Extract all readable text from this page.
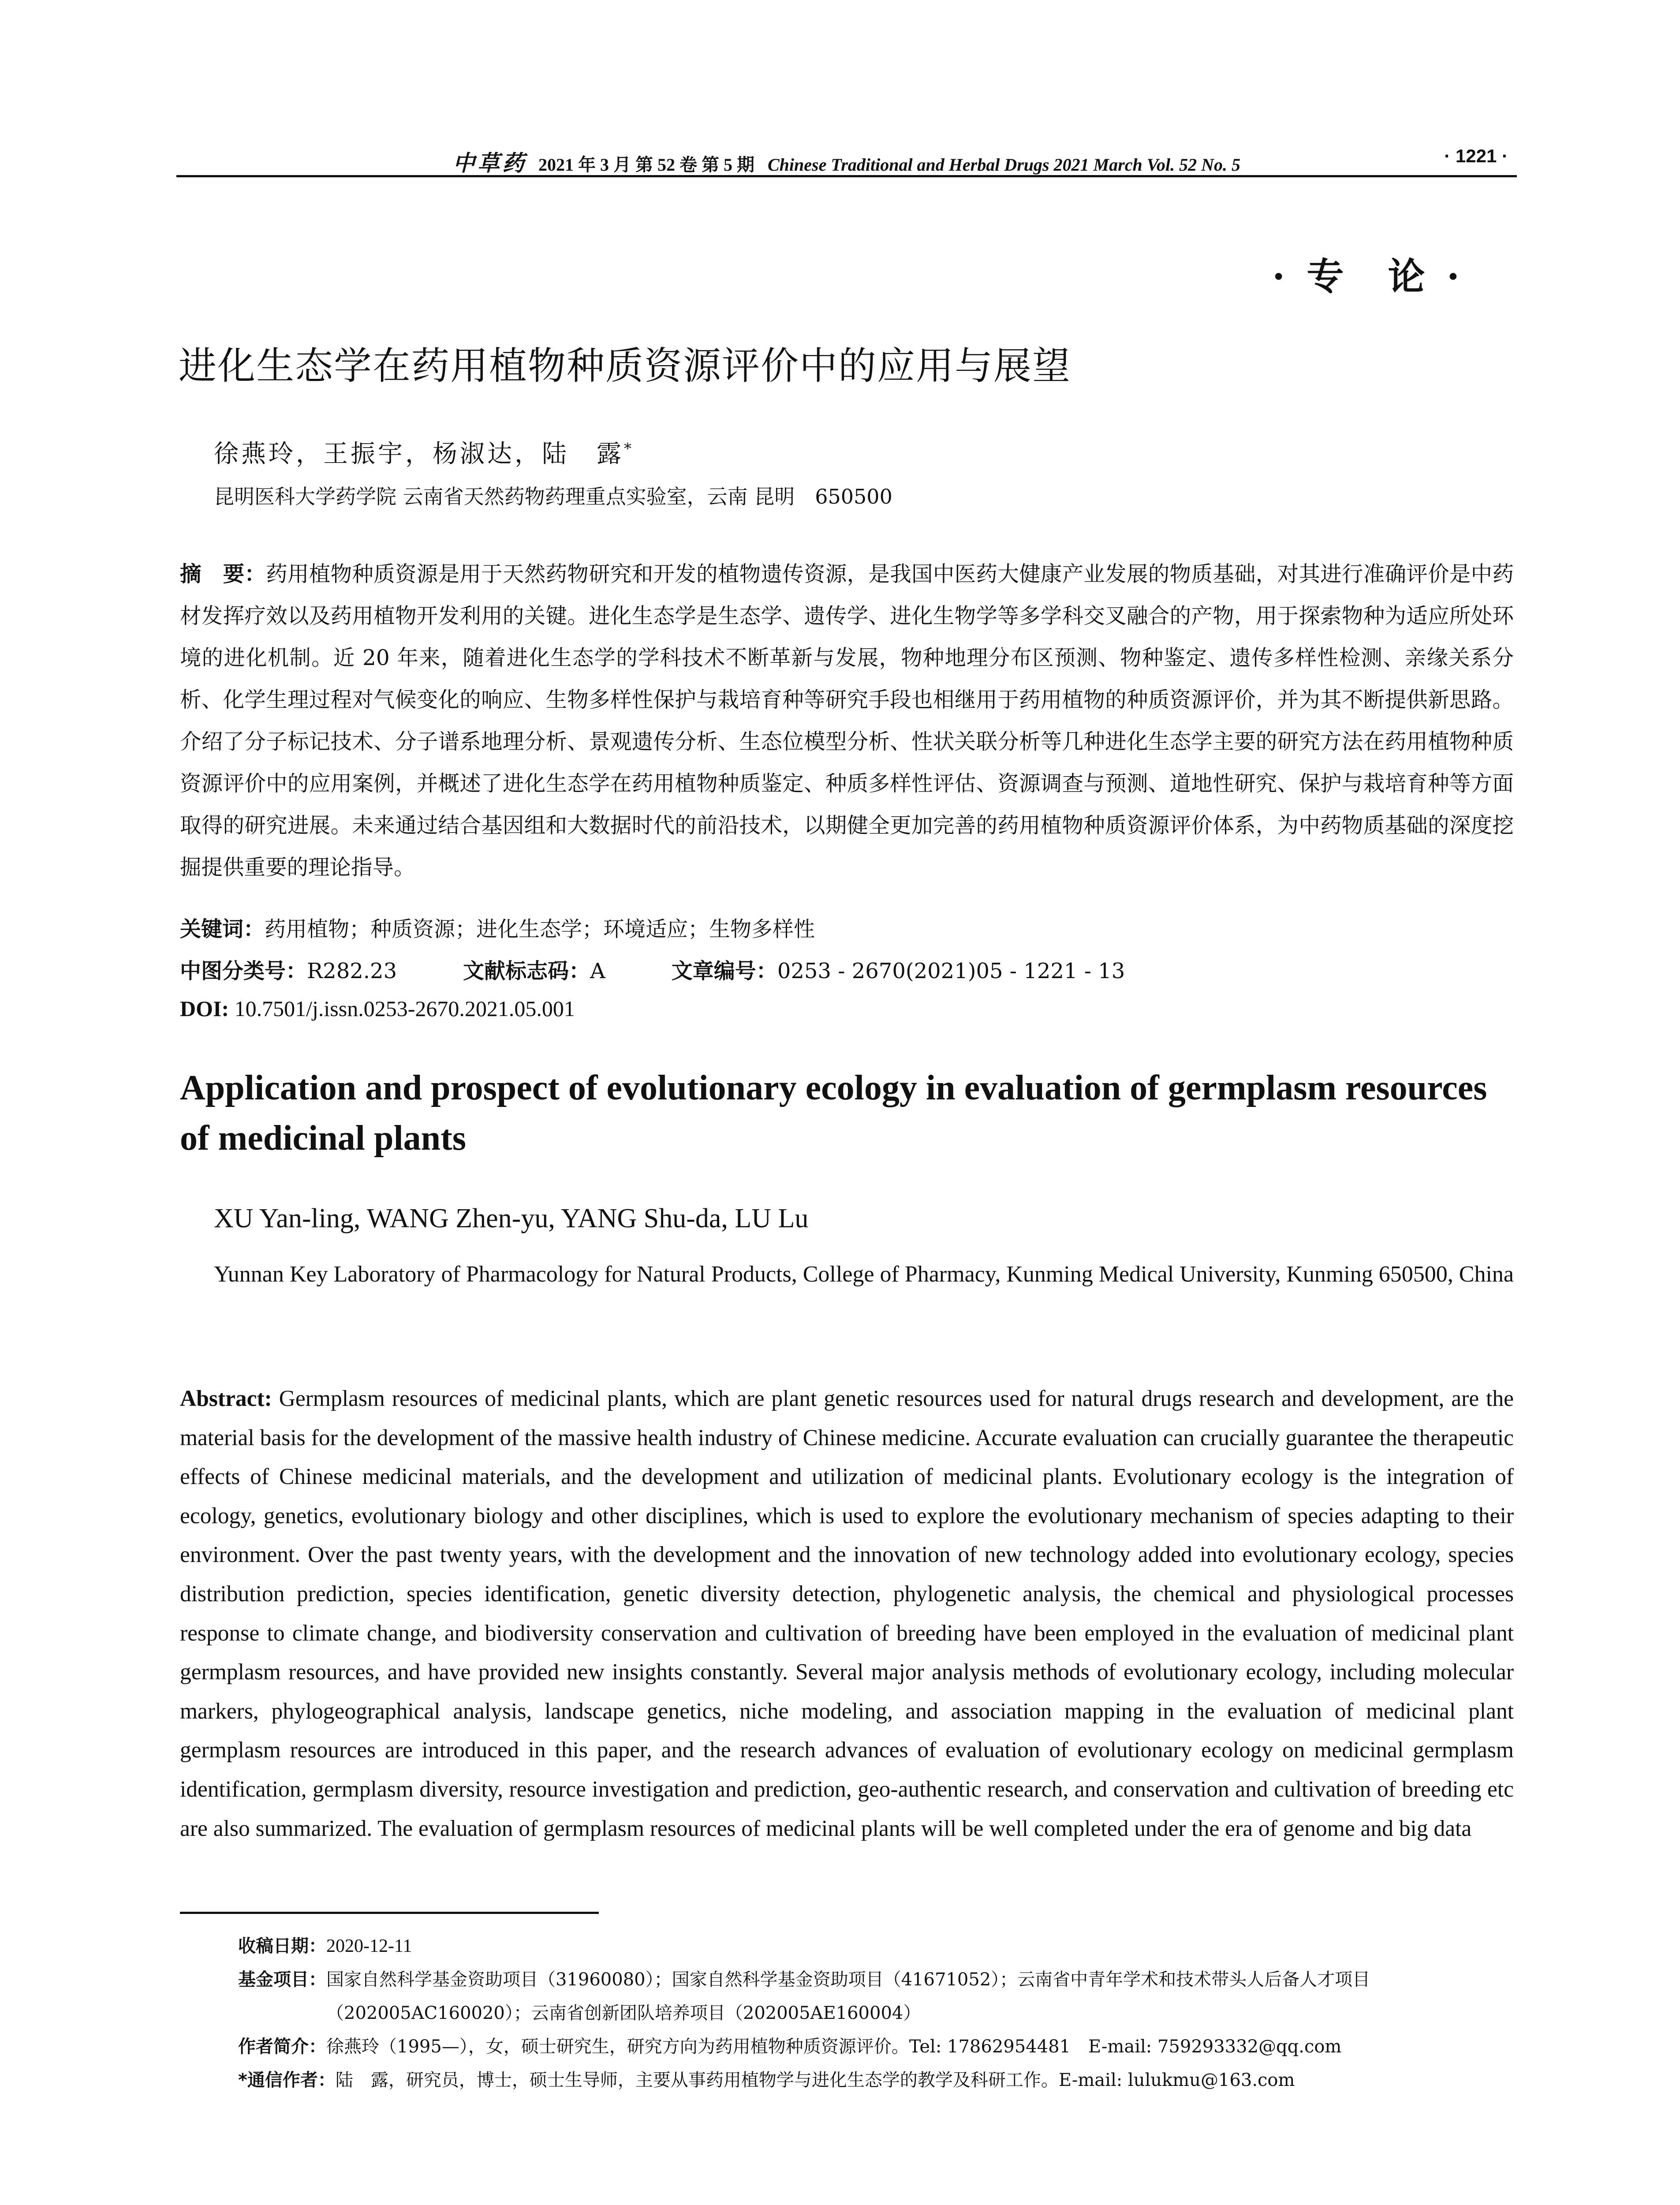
中草药 2021 年 3 月 第 52 卷 第 5 期 Chinese Traditional and Herbal Drugs 2021 March Vol. 52 No. 5	· 1221 ·
· 专 论 ·
进化生态学在药用植物种质资源评价中的应用与展望
徐燕玲，王振宇，杨淑达，陆　露*
昆明医科大学药学院 云南省天然药物药理重点实验室，云南 昆明　650500
摘　要：药用植物种质资源是用于天然药物研究和开发的植物遗传资源，是我国中医药大健康产业发展的物质基础，对其进行准确评价是中药材发挥疗效以及药用植物开发利用的关键。进化生态学是生态学、遗传学、进化生物学等多学科交叉融合的产物，用于探索物种为适应所处环境的进化机制。近 20 年来，随着进化生态学的学科技术不断革新与发展，物种地理分布区预测、物种鉴定、遗传多样性检测、亲缘关系分析、化学生理过程对气候变化的响应、生物多样性保护与栽培育种等研究手段也相继用于药用植物的种质资源评价，并为其不断提供新思路。介绍了分子标记技术、分子谱系地理分析、景观遗传分析、生态位模型分析、性状关联分析等几种进化生态学主要的研究方法在药用植物种质资源评价中的应用案例，并概述了进化生态学在药用植物种质鉴定、种质多样性评估、资源调查与预测、道地性研究、保护与栽培育种等方面取得的研究进展。未来通过结合基因组和大数据时代的前沿技术，以期健全更加完善的药用植物种质资源评价体系，为中药物质基础的深度挖掘提供重要的理论指导。
关键词：药用植物；种质资源；进化生态学；环境适应；生物多样性
中图分类号：R282.23	文献标志码：A	文章编号：0253 - 2670(2021)05 - 1221 - 13
DOI: 10.7501/j.issn.0253-2670.2021.05.001
Application and prospect of evolutionary ecology in evaluation of germplasm resources of medicinal plants
XU Yan-ling, WANG Zhen-yu, YANG Shu-da, LU Lu
Yunnan Key Laboratory of Pharmacology for Natural Products, College of Pharmacy, Kunming Medical University, Kunming 650500, China
Abstract: Germplasm resources of medicinal plants, which are plant genetic resources used for natural drugs research and development, are the material basis for the development of the massive health industry of Chinese medicine. Accurate evaluation can crucially guarantee the therapeutic effects of Chinese medicinal materials, and the development and utilization of medicinal plants. Evolutionary ecology is the integration of ecology, genetics, evolutionary biology and other disciplines, which is used to explore the evolutionary mechanism of species adapting to their environment. Over the past twenty years, with the development and the innovation of new technology added into evolutionary ecology, species distribution prediction, species identification, genetic diversity detection, phylogenetic analysis, the chemical and physiological processes response to climate change, and biodiversity conservation and cultivation of breeding have been employed in the evaluation of medicinal plant germplasm resources, and have provided new insights constantly. Several major analysis methods of evolutionary ecology, including molecular markers, phylogeographical analysis, landscape genetics, niche modeling, and association mapping in the evaluation of medicinal plant germplasm resources are introduced in this paper, and the research advances of evaluation of evolutionary ecology on medicinal germplasm identification, germplasm diversity, resource investigation and prediction, geo-authentic research, and conservation and cultivation of breeding etc are also summarized. The evaluation of germplasm resources of medicinal plants will be well completed under the era of genome and big data
收稿日期： 2020-12-11
基金项目： 国家自然科学基金资助项目（31960080）；国家自然科学基金资助项目（41671052）；云南省中青年学术和技术带头人后备人才项目（202005AC160020）；云南省创新团队培养项目（202005AE160004）
作者简介： 徐燕玲（1995—），女，硕士研究生，研究方向为药用植物种质资源评价。Tel: 17862954481　E-mail: 759293332@qq.com
*通信作者： 陆　露，研究员，博士，硕士生导师，主要从事药用植物学与进化生态学的教学及科研工作。E-mail: lulukmu@163.com
